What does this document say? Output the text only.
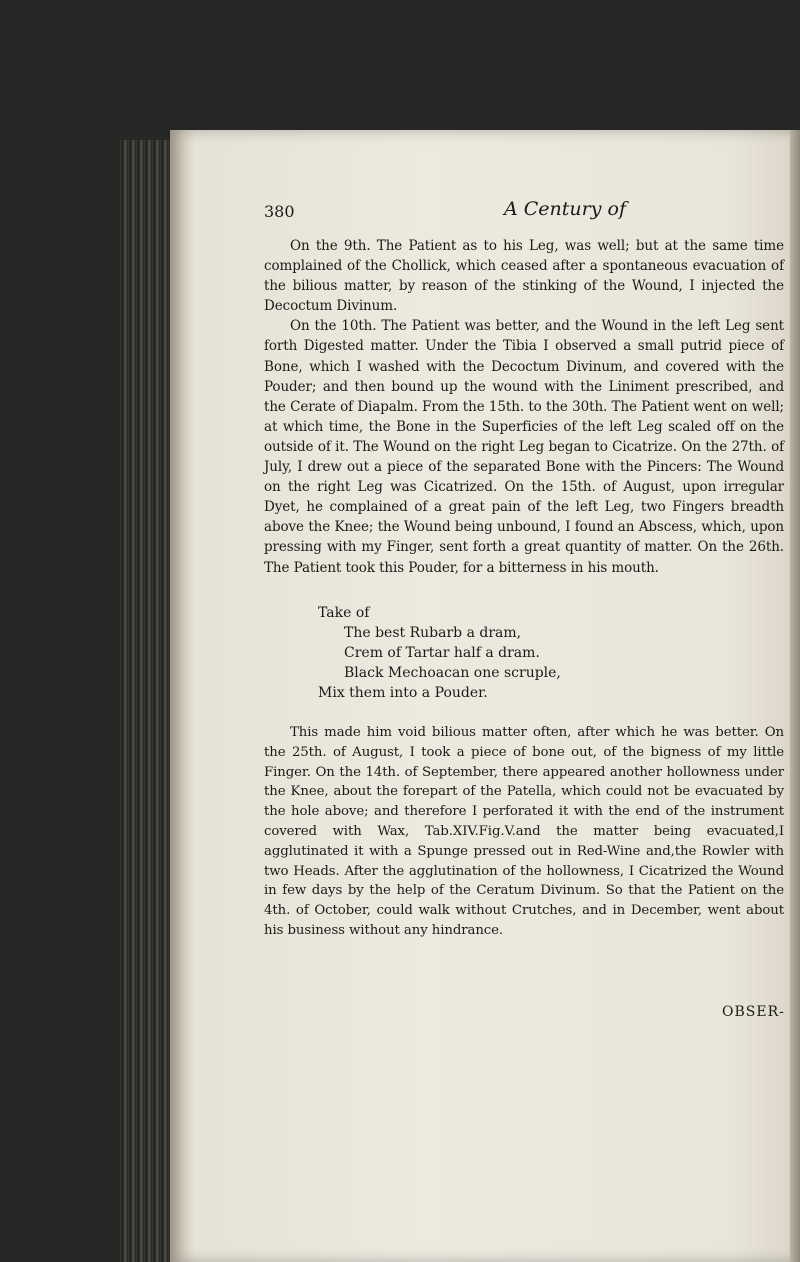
380	A Century of

On the 9th. The Patient as to his Leg, was well; but at the same time complained of the Chollick, which ceased after a spontaneous evacuation of the bilious matter, by reason of the stinking of the Wound, I injected the Decoctum Divinum.

On the 10th. The Patient was better, and the Wound in the left Leg sent forth Digested matter. Under the Tibia I observed a small putrid piece of Bone, which I washed with the Decoctum Divinum, and covered with the Pouder; and then bound up the wound with the Liniment prescribed, and the Cerate of Diapalm. From the 15th. to the 30th. The Patient went on well; at which time, the Bone in the Superficies of the left Leg scaled off on the outside of it. The Wound on the right Leg began to Cicatrize. On the 27th. of July, I drew out a piece of the separated Bone with the Pincers: The Wound on the right Leg was Cicatrized. On the 15th. of August, upon irregular Dyet, he complained of a great pain of the left Leg, two Fingers breadth above the Knee; the Wound being unbound, I found an Abscess, which, upon pressing with my Finger, sent forth a great quantity of matter. On the 26th. The Patient took this Pouder, for a bitterness in his mouth.

Take of
The best Rubarb a dram,
Crem of Tartar half a dram.
Black Mechoacan one scruple,
Mix them into a Pouder.

This made him void bilious matter often, after which he was better. On the 25th. of August, I took a piece of bone out, of the bigness of my little Finger. On the 14th. of September, there appeared another hollowness under the Knee, about the forepart of the Patella, which could not be evacuated by the hole above; and therefore I perforated it with the end of the instrument covered with Wax, Tab.XIV.Fig.V.and the matter being evacuated,I agglutinated it with a Spunge pressed out in Red-Wine and,the Rowler with two Heads. After the agglutination of the hollowness, I Cicatrized the Wound in few days by the help of the Ceratum Divinum. So that the Patient on the 4th. of October, could walk without Crutches, and in December, went about his business without any hindrance.

OBSER-
